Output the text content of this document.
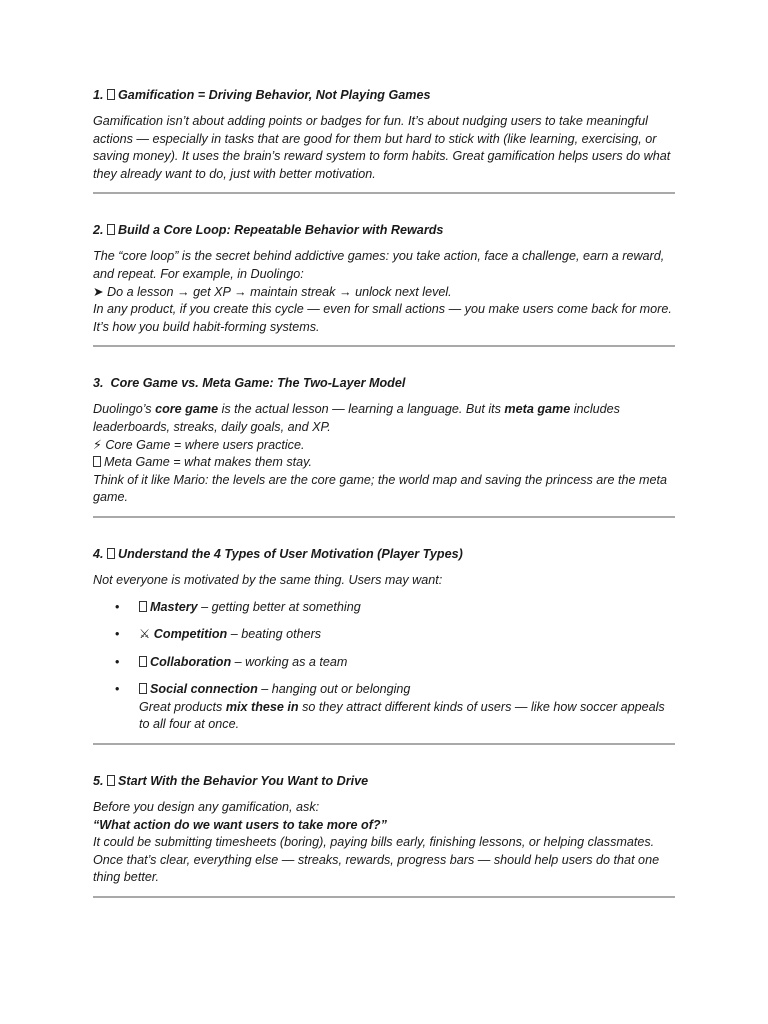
1. Gamification = Driving Behavior, Not Playing Games

Gamification isn’t about adding points or badges for fun. It’s about nudging users to take meaningful actions — especially in tasks that are good for them but hard to stick with (like learning, exercising, or saving money). It uses the brain’s reward system to form habits. Great gamification helps users do what they already want to do, just with better motivation.

2. Build a Core Loop: Repeatable Behavior with Rewards

The “core loop” is the secret behind addictive games: you take action, face a challenge, earn a reward, and repeat. For example, in Duolingo:
➤ Do a lesson → get XP → maintain streak → unlock next level.
In any product, if you create this cycle — even for small actions — you make users come back for more. It’s how you build habit-forming systems.

3. Core Game vs. Meta Game: The Two-Layer Model

Duolingo’s core game is the actual lesson — learning a language. But its meta game includes leaderboards, streaks, daily goals, and XP.
⚡ Core Game = where users practice.
Meta Game = what makes them stay.
Think of it like Mario: the levels are the core game; the world map and saving the princess are the meta game.

4. Understand the 4 Types of User Motivation (Player Types)

Not everyone is motivated by the same thing. Users may want:

• Mastery – getting better at something
• ⚔ Competition – beating others
• Collaboration – working as a team
• Social connection – hanging out or belonging
Great products mix these in so they attract different kinds of users — like how soccer appeals to all four at once.
5. Start With the Behavior You Want to Drive

Before you design any gamification, ask:
“What action do we want users to take more of?”
It could be submitting timesheets (boring), paying bills early, finishing lessons, or helping classmates. Once that’s clear, everything else — streaks, rewards, progress bars — should help users do that one thing better.
